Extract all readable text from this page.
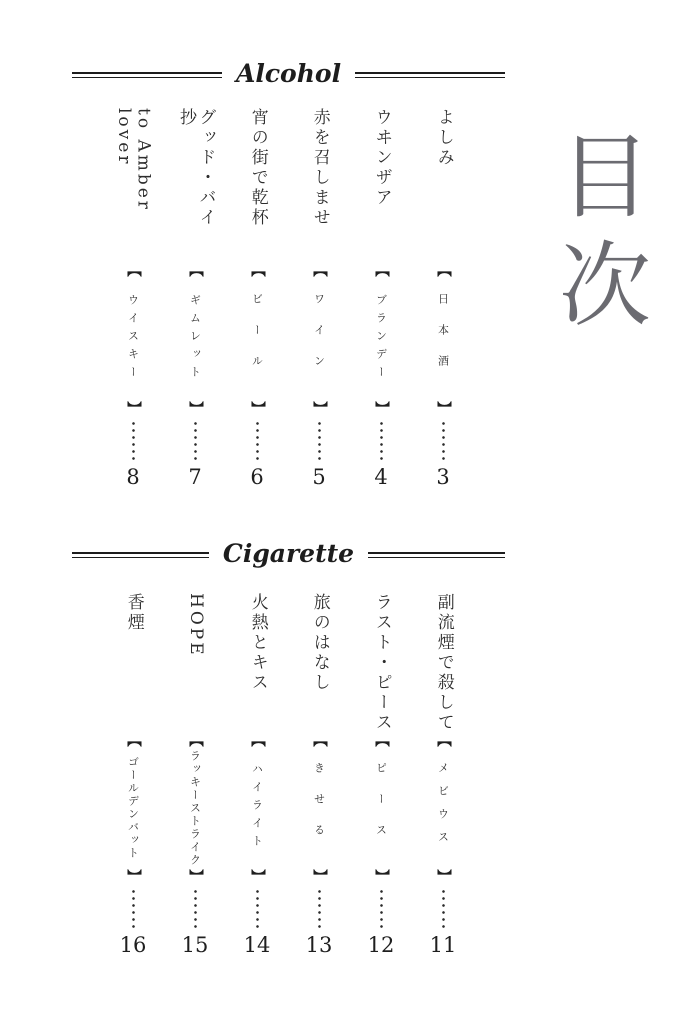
目次
Alcohol
よしみ
【
日本酒
】
3
ウヰンザア
【
ブランデー
】
4
赤を召しませ
【
ワイン
】
5
宵の街で乾杯
【
ビール
】
6
グッド・バイ　抄
【
ギムレット
】
7
to Amber lover
【
ウイスキー
】
8
Cigarette
副流煙で殺して
【
メビウス
】
11
ラスト・ピース
【
ピース
】
12
旅のはなし
【
きせる
】
13
火熱とキス
【
ハイライト
】
14
HOPE
【
ラッキーストライク
】
15
香煙
【
ゴールデンバット
】
16
